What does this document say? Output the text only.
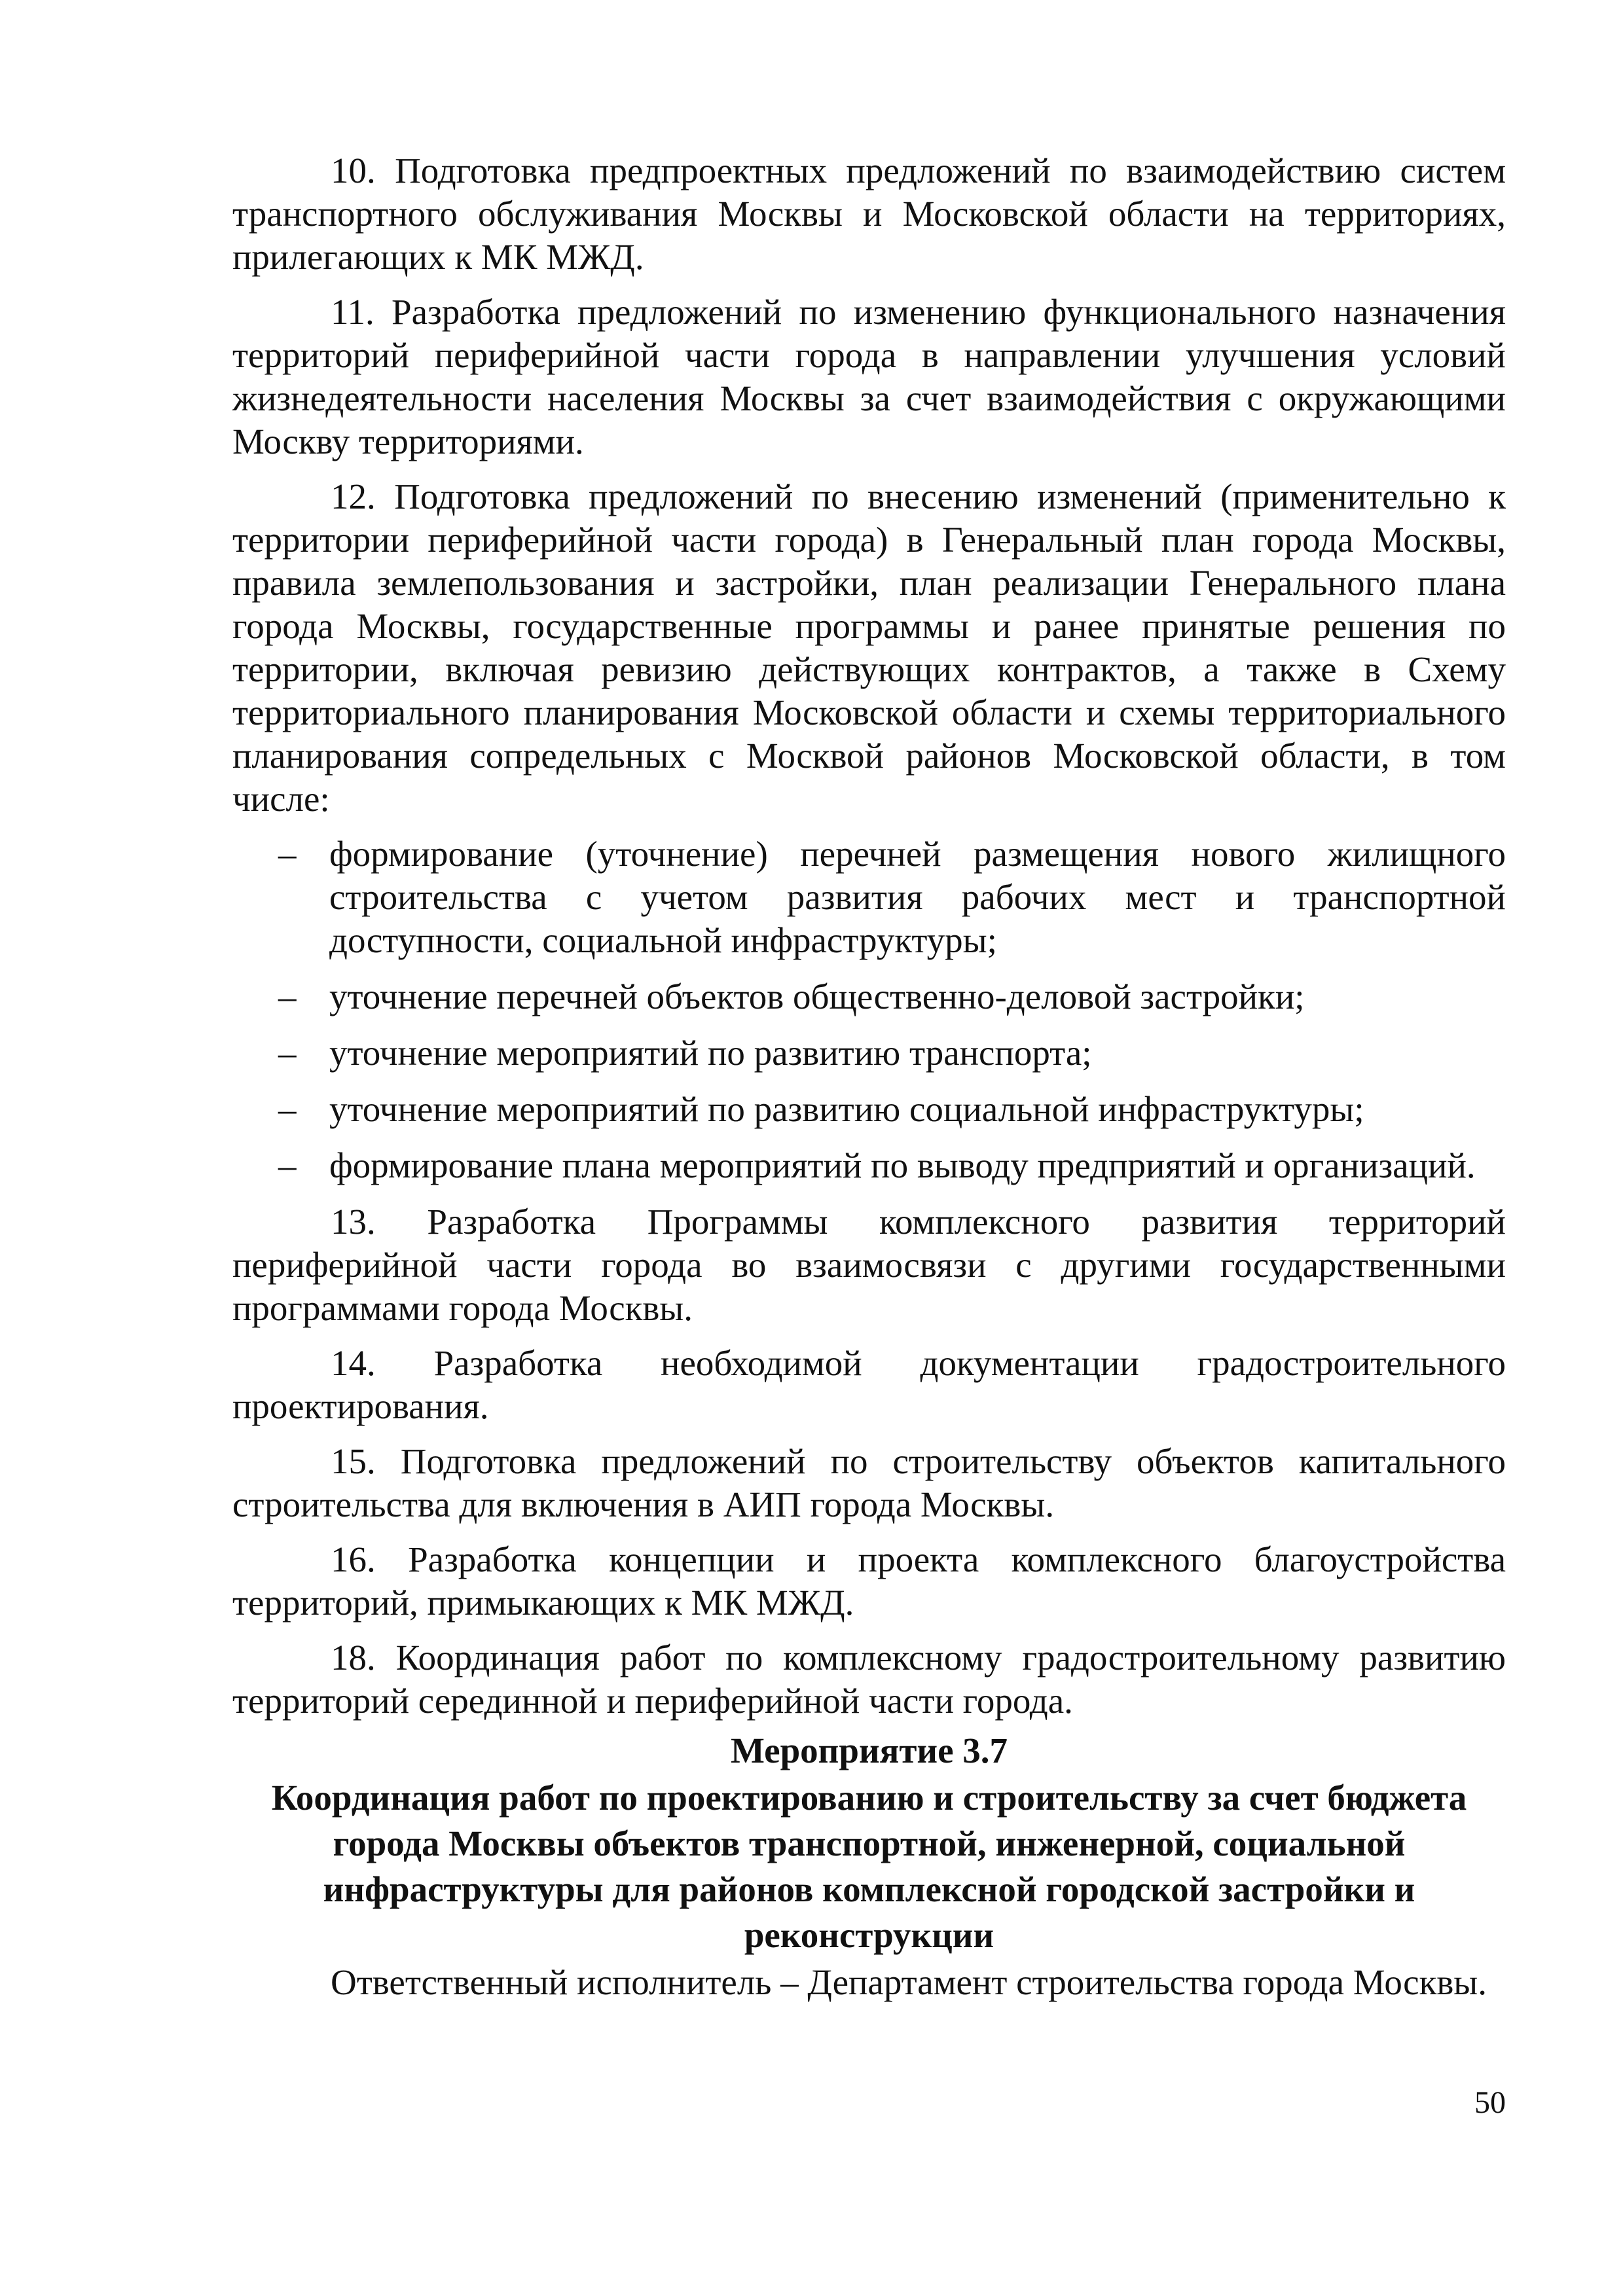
10. Подготовка предпроектных предложений по взаимодействию систем транспортного обслуживания Москвы и Московской области на территориях, прилегающих к МК МЖД.

11. Разработка предложений по изменению функционального назначения территорий периферийной части города в направлении улучшения условий жизнедеятельности населения Москвы за счет взаимодействия с окружающими Москву территориями.

12. Подготовка предложений по внесению изменений (применительно к территории периферийной части города) в Генеральный план города Москвы, правила землепользования и застройки, план реализации Генерального плана города Москвы, государственные программы и ранее принятые решения по территории, включая ревизию действующих контрактов, а также в Схему территориального планирования Московской области и схемы территориального планирования сопредельных с Москвой районов Московской области, в том числе:

– формирование (уточнение) перечней размещения нового жилищного строительства с учетом развития рабочих мест и транспортной доступности, социальной инфраструктуры;
– уточнение перечней объектов общественно-деловой застройки;
– уточнение мероприятий по развитию транспорта;
– уточнение мероприятий по развитию социальной инфраструктуры;
– формирование плана мероприятий по выводу предприятий и организаций.

13. Разработка Программы комплексного развития территорий периферийной части города во взаимосвязи с другими государственными программами города Москвы.

14. Разработка необходимой документации градостроительного проектирования.

15. Подготовка предложений по строительству объектов капитального строительства для включения в АИП города Москвы.

16. Разработка концепции и проекта комплексного благоустройства территорий, примыкающих к МК МЖД.

18. Координация работ по комплексному градостроительному развитию территорий серединной и периферийной части города.

Мероприятие 3.7

Координация работ по проектированию и строительству за счет бюджета города Москвы объектов транспортной, инженерной, социальной инфраструктуры для районов комплексной городской застройки и реконструкции

Ответственный исполнитель – Департамент строительства города Москвы.

50
